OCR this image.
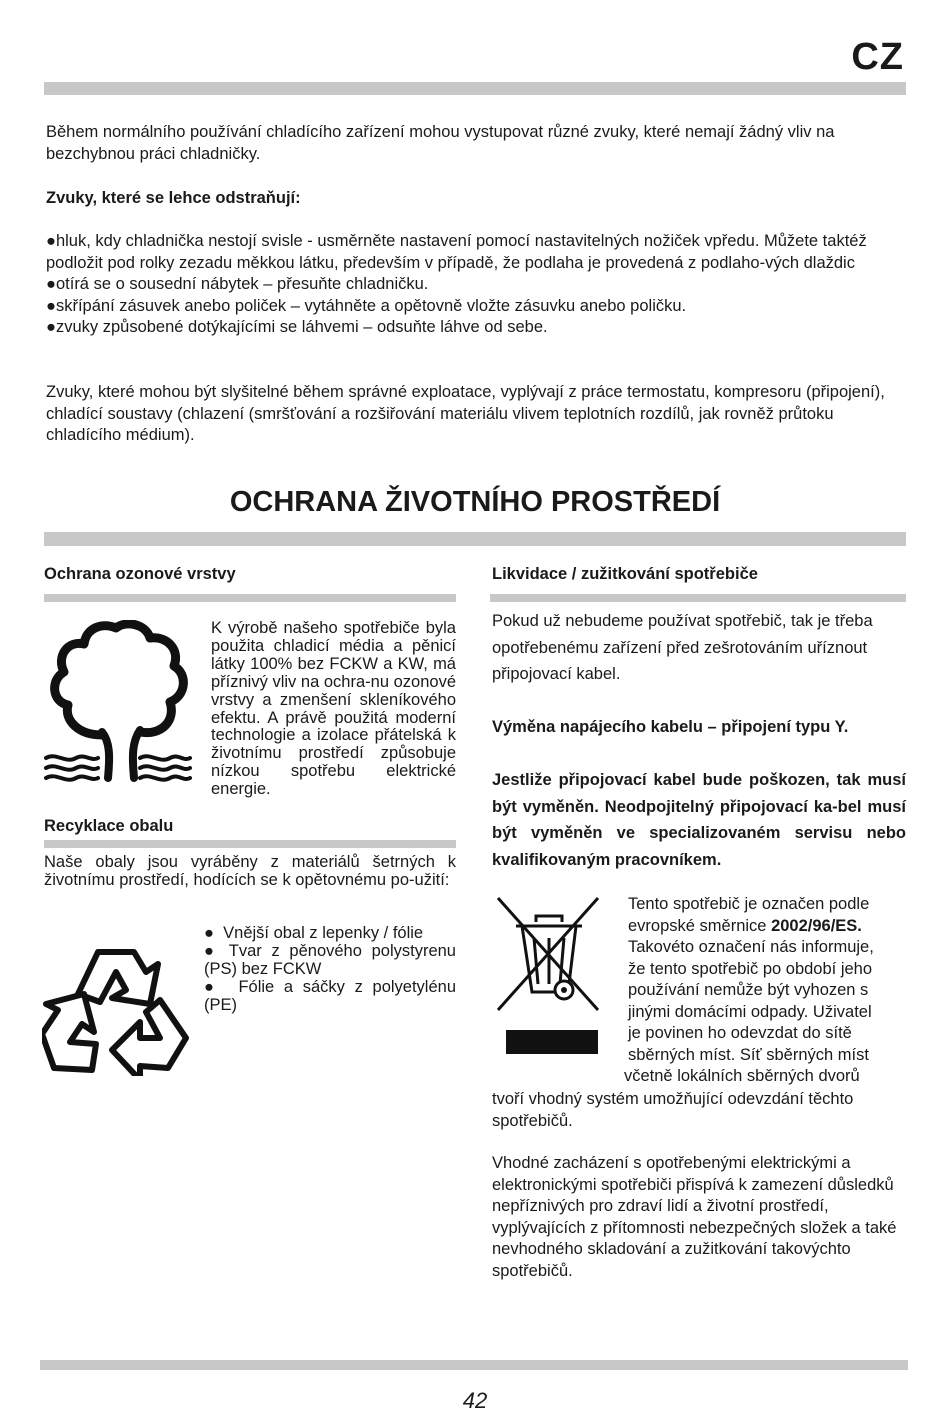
CZ

Během normálního používání chladícího zařízení mohou vystupovat různé zvuky, které nemají žádný vliv na bezchybnou práci chladničky.

Zvuky, které se lehce odstraňují:

●hluk, kdy chladnička nestojí svisle - usměrněte nastavení pomocí nastavitelných nožiček vpředu. Můžete taktéž podložit pod rolky zezadu měkkou látku, především v případě, že podlaha je provedená z podlaho-vých dlaždic

●otírá se o sousední nábytek – přesuňte chladničku.

●skřípání zásuvek anebo poliček – vytáhněte a opětovně vložte zásuvku anebo poličku.

●zvuky způsobené dotýkajícími se láhvemi – odsuňte láhve od sebe.

Zvuky, které mohou být slyšitelné během správné exploatace, vyplývají z práce termostatu, kompresoru (připojení), chladící soustavy (chlazení (smršťování a rozšiřování materiálu vlivem teplotních rozdílů, jak rovněž průtoku chladícího médium).

OCHRANA ŽIVOTNÍHO PROSTŘEDÍ
Ochrana ozonové vrstvy

K výrobě našeho spotřebiče byla použita chladicí média a pěnicí látky 100% bez FCKW a KW, má příznivý vliv na ochra-nu ozonové vrstvy a zmenšení skleníkového efektu. A právě použitá moderní technologie a izolace přátelská k životnímu prostředí způsobuje nízkou spotřebu elektrické energie.

Recyklace obalu

Naše obaly jsou vyráběny z materiálů šetrných k životnímu prostředí, hodících se k opětovnému po-užití:

●  Vnější obal z lepenky / fólie

● Tvar z pěnového polystyrenu (PS) bez FCKW

●  Fólie a sáčky z polyetylénu (PE)

Likvidace / zužitkování spotřebiče

Pokud už nebudeme používat spotřebič, tak je třeba opotřebenému zařízení před zešrotováním uříznout připojovací kabel.

Výměna napájecího kabelu – připojení typu Y.

Jestliže připojovací kabel bude poškozen, tak musí být vyměněn. Neodpojitelný připojovací ka-bel musí být vyměněn ve specializovaném servisu nebo kvalifikovaným pracovníkem.

Tento spotřebič je označen podle
evropské směrnice 2002/96/ES.
Takovéto označení nás informuje,
že tento spotřebič po období jeho
používání nemůže být vyhozen s
jinými domácími odpady. Uživatel
je povinen ho odevzdat do sítě
sběrných míst. Síť sběrných míst
včetně lokálních sběrných dvorů

tvoří vhodný systém umožňující odevzdání těchto spotřebičů.

Vhodné zacházení s opotřebenými elektrickými a elektronickými spotřebiči přispívá k zamezení důsledků nepříznivých pro zdraví lidí a životní prostředí, vyplývajících z přítomnosti nebezpečných složek a také nevhodného skladování a zužitkování takovýchto spotřebičů.

42
